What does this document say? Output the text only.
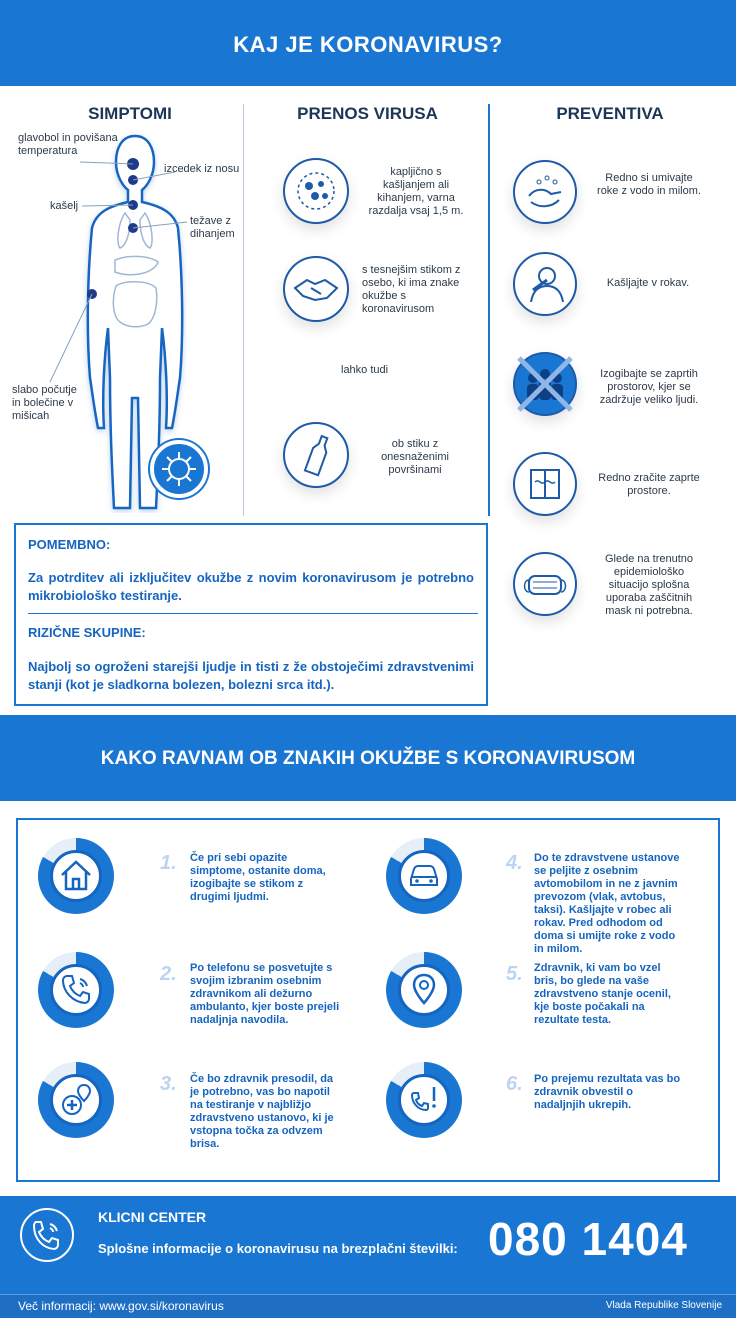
KAJ JE KORONAVIRUS?
SIMPTOMI
glavobol in povišana temperatura
izcedek iz nosu
kašelj
težave z dihanjem
slabo počutje in bolečine v mišicah
PRENOS VIRUSA
kapljično s kašljanjem ali kihanjem, varna razdalja vsaj 1,5 m.
s tesnejšim stikom z osebo, ki ima znake okužbe s koronavirusom
lahko tudi
ob stiku z onesnaženimi površinami
PREVENTIVA
Redno si umivajte roke z vodo in milom.
Kašljajte v rokav.
Izogibajte se zaprtih prostorov, kjer se zadržuje veliko ljudi.
Redno zračite zaprte prostore.
Glede na trenutno epidemiološko situacijo splošna uporaba zaščitnih mask ni potrebna.
POMEMBNO:
Za potrditev ali izključitev okužbe z novim koronavirusom je potrebno mikrobiološko testiranje.
RIZIČNE SKUPINE:
Najbolj so ogroženi starejši ljudje in tisti z že obstoječimi zdravstvenimi stanji (kot je sladkorna bolezen, bolezni srca itd.).
KAKO RAVNAM OB ZNAKIH OKUŽBE S KORONAVIRUSOM
1. Če pri sebi opazite simptome, ostanite doma, izogibajte se stikom z drugimi ljudmi.
2. Po telefonu se posvetujte s svojim izbranim osebnim zdravnikom ali dežurno ambulanto, kjer boste prejeli nadaljnja navodila.
3. Če bo zdravnik presodil, da je potrebno, vas bo napotil na testiranje v najbližjo zdravstveno ustanovo, ki je vstopna točka za odvzem brisa.
4. Do te zdravstvene ustanove se peljite z osebnim avtomobilom in ne z javnim prevozom (vlak, avtobus, taksi). Kašljajte v robec ali rokav. Pred odhodom od doma si umijte roke z vodo in milom.
5. Zdravnik, ki vam bo vzel bris, bo glede na vaše zdravstveno stanje ocenil, kje boste počakali na rezultate testa.
6. Po prejemu rezultata vas bo zdravnik obvestil o nadaljnjih ukrepih.
KLICNI CENTER
Splošne informacije o koronavirusu na brezplačni številki: 080 1404
Več informacij: www.gov.si/koronavirus	Vlada Republike Slovenije
